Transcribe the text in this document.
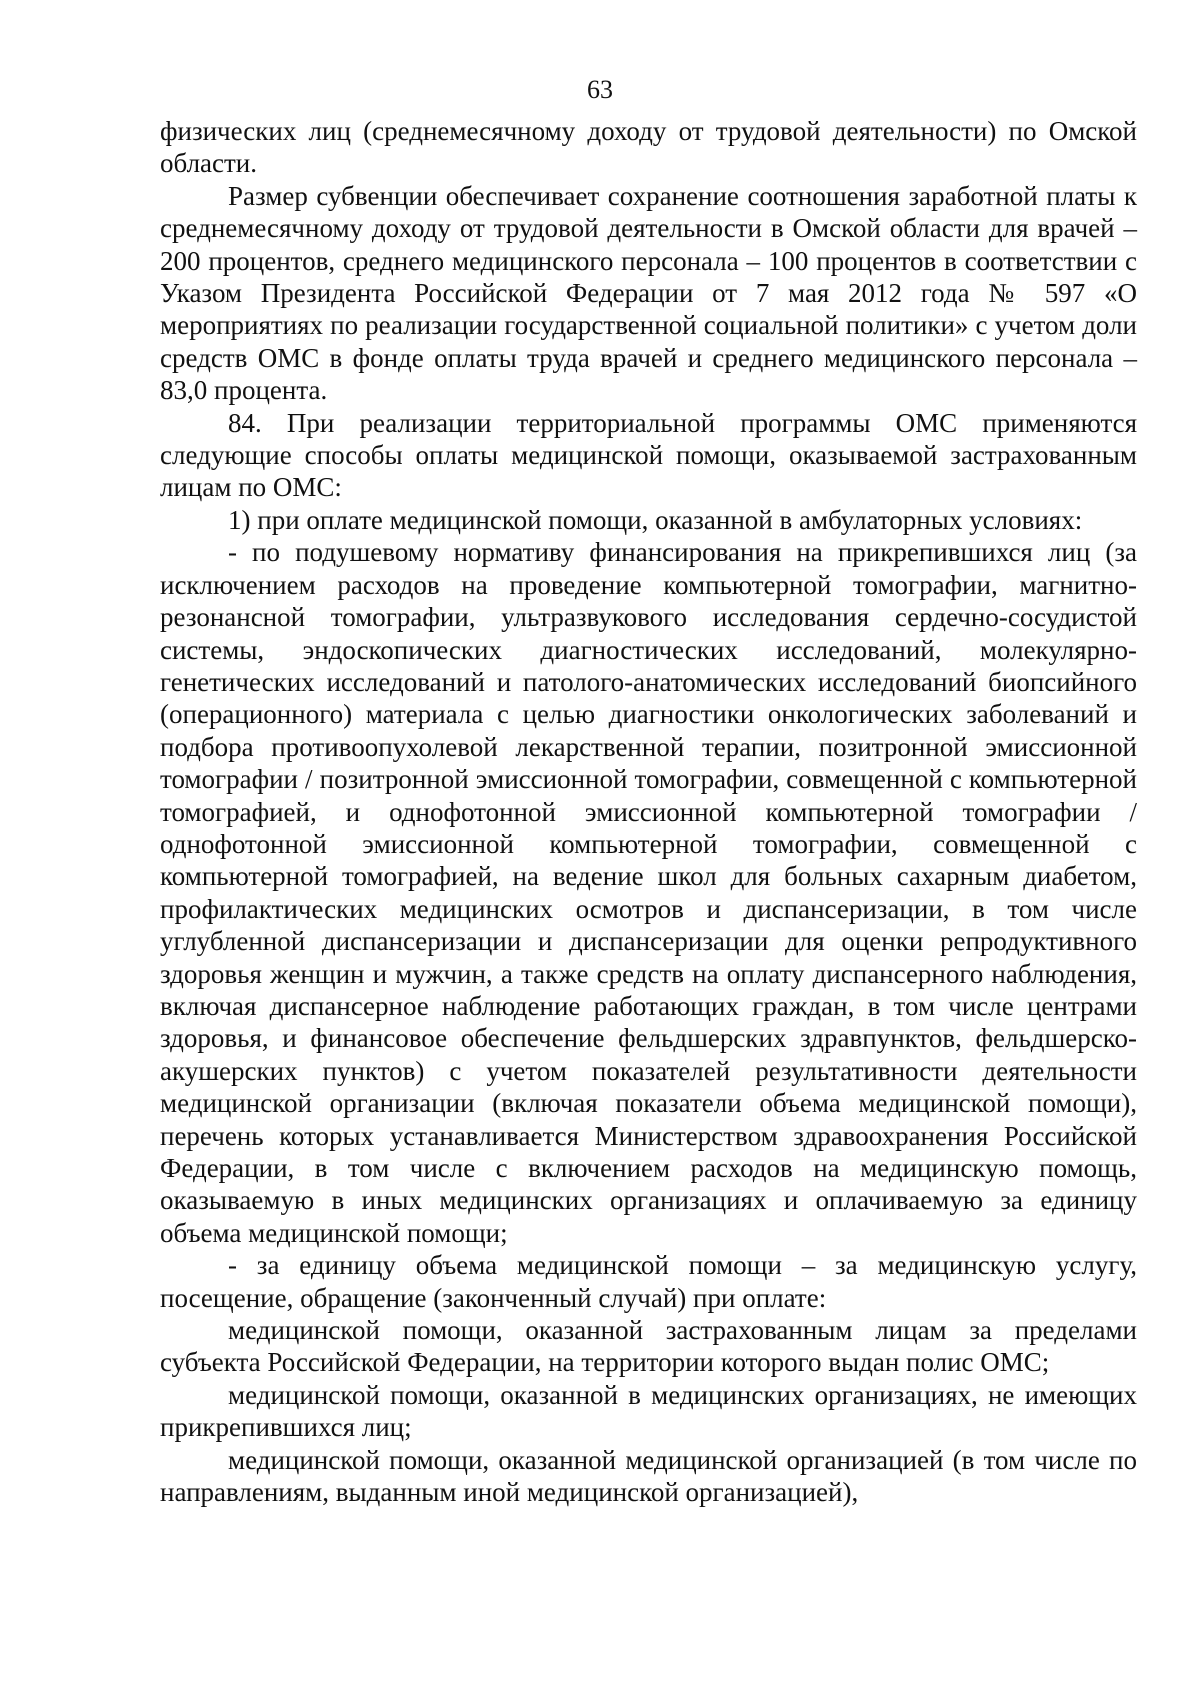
63

физических лиц (среднемесячному доходу от трудовой деятельности) по Омской области.

Размер субвенции обеспечивает сохранение соотношения заработной платы к среднемесячному доходу от трудовой деятельности в Омской области для врачей – 200 процентов, среднего медицинского персонала – 100 процентов в соответствии с Указом Президента Российской Федерации от 7 мая 2012 года № 597 «О мероприятиях по реализации государственной социальной политики» с учетом доли средств ОМС в фонде оплаты труда врачей и среднего медицинского персонала – 83,0 процента.

84. При реализации территориальной программы ОМС применяются следующие способы оплаты медицинской помощи, оказываемой застрахованным лицам по ОМС:

1) при оплате медицинской помощи, оказанной в амбулаторных условиях:

- по подушевому нормативу финансирования на прикрепившихся лиц (за исключением расходов на проведение компьютерной томографии, магнитно-резонансной томографии, ультразвукового исследования сердечно-сосудистой системы, эндоскопических диагностических исследований, молекулярно-генетических исследований и патолого-анатомических исследований биопсийного (операционного) материала с целью диагностики онкологических заболеваний и подбора противоопухолевой лекарственной терапии, позитронной эмиссионной томографии / позитронной эмиссионной томографии, совмещенной с компьютерной томографией, и однофотонной эмиссионной компьютерной томографии / однофотонной эмиссионной компьютерной томографии, совмещенной с компьютерной томографией, на ведение школ для больных сахарным диабетом, профилактических медицинских осмотров и диспансеризации, в том числе углубленной диспансеризации и диспансеризации для оценки репродуктивного здоровья женщин и мужчин, а также средств на оплату диспансерного наблюдения, включая диспансерное наблюдение работающих граждан, в том числе центрами здоровья, и финансовое обеспечение фельдшерских здравпунктов, фельдшерско-акушерских пунктов) с учетом показателей результативности деятельности медицинской организации (включая показатели объема медицинской помощи), перечень которых устанавливается Министерством здравоохранения Российской Федерации, в том числе с включением расходов на медицинскую помощь, оказываемую в иных медицинских организациях и оплачиваемую за единицу объема медицинской помощи;

- за единицу объема медицинской помощи – за медицинскую услугу, посещение, обращение (законченный случай) при оплате:

медицинской помощи, оказанной застрахованным лицам за пределами субъекта Российской Федерации, на территории которого выдан полис ОМС;

медицинской помощи, оказанной в медицинских организациях, не имеющих прикрепившихся лиц;

медицинской помощи, оказанной медицинской организацией (в том числе по направлениям, выданным иной медицинской организацией),
